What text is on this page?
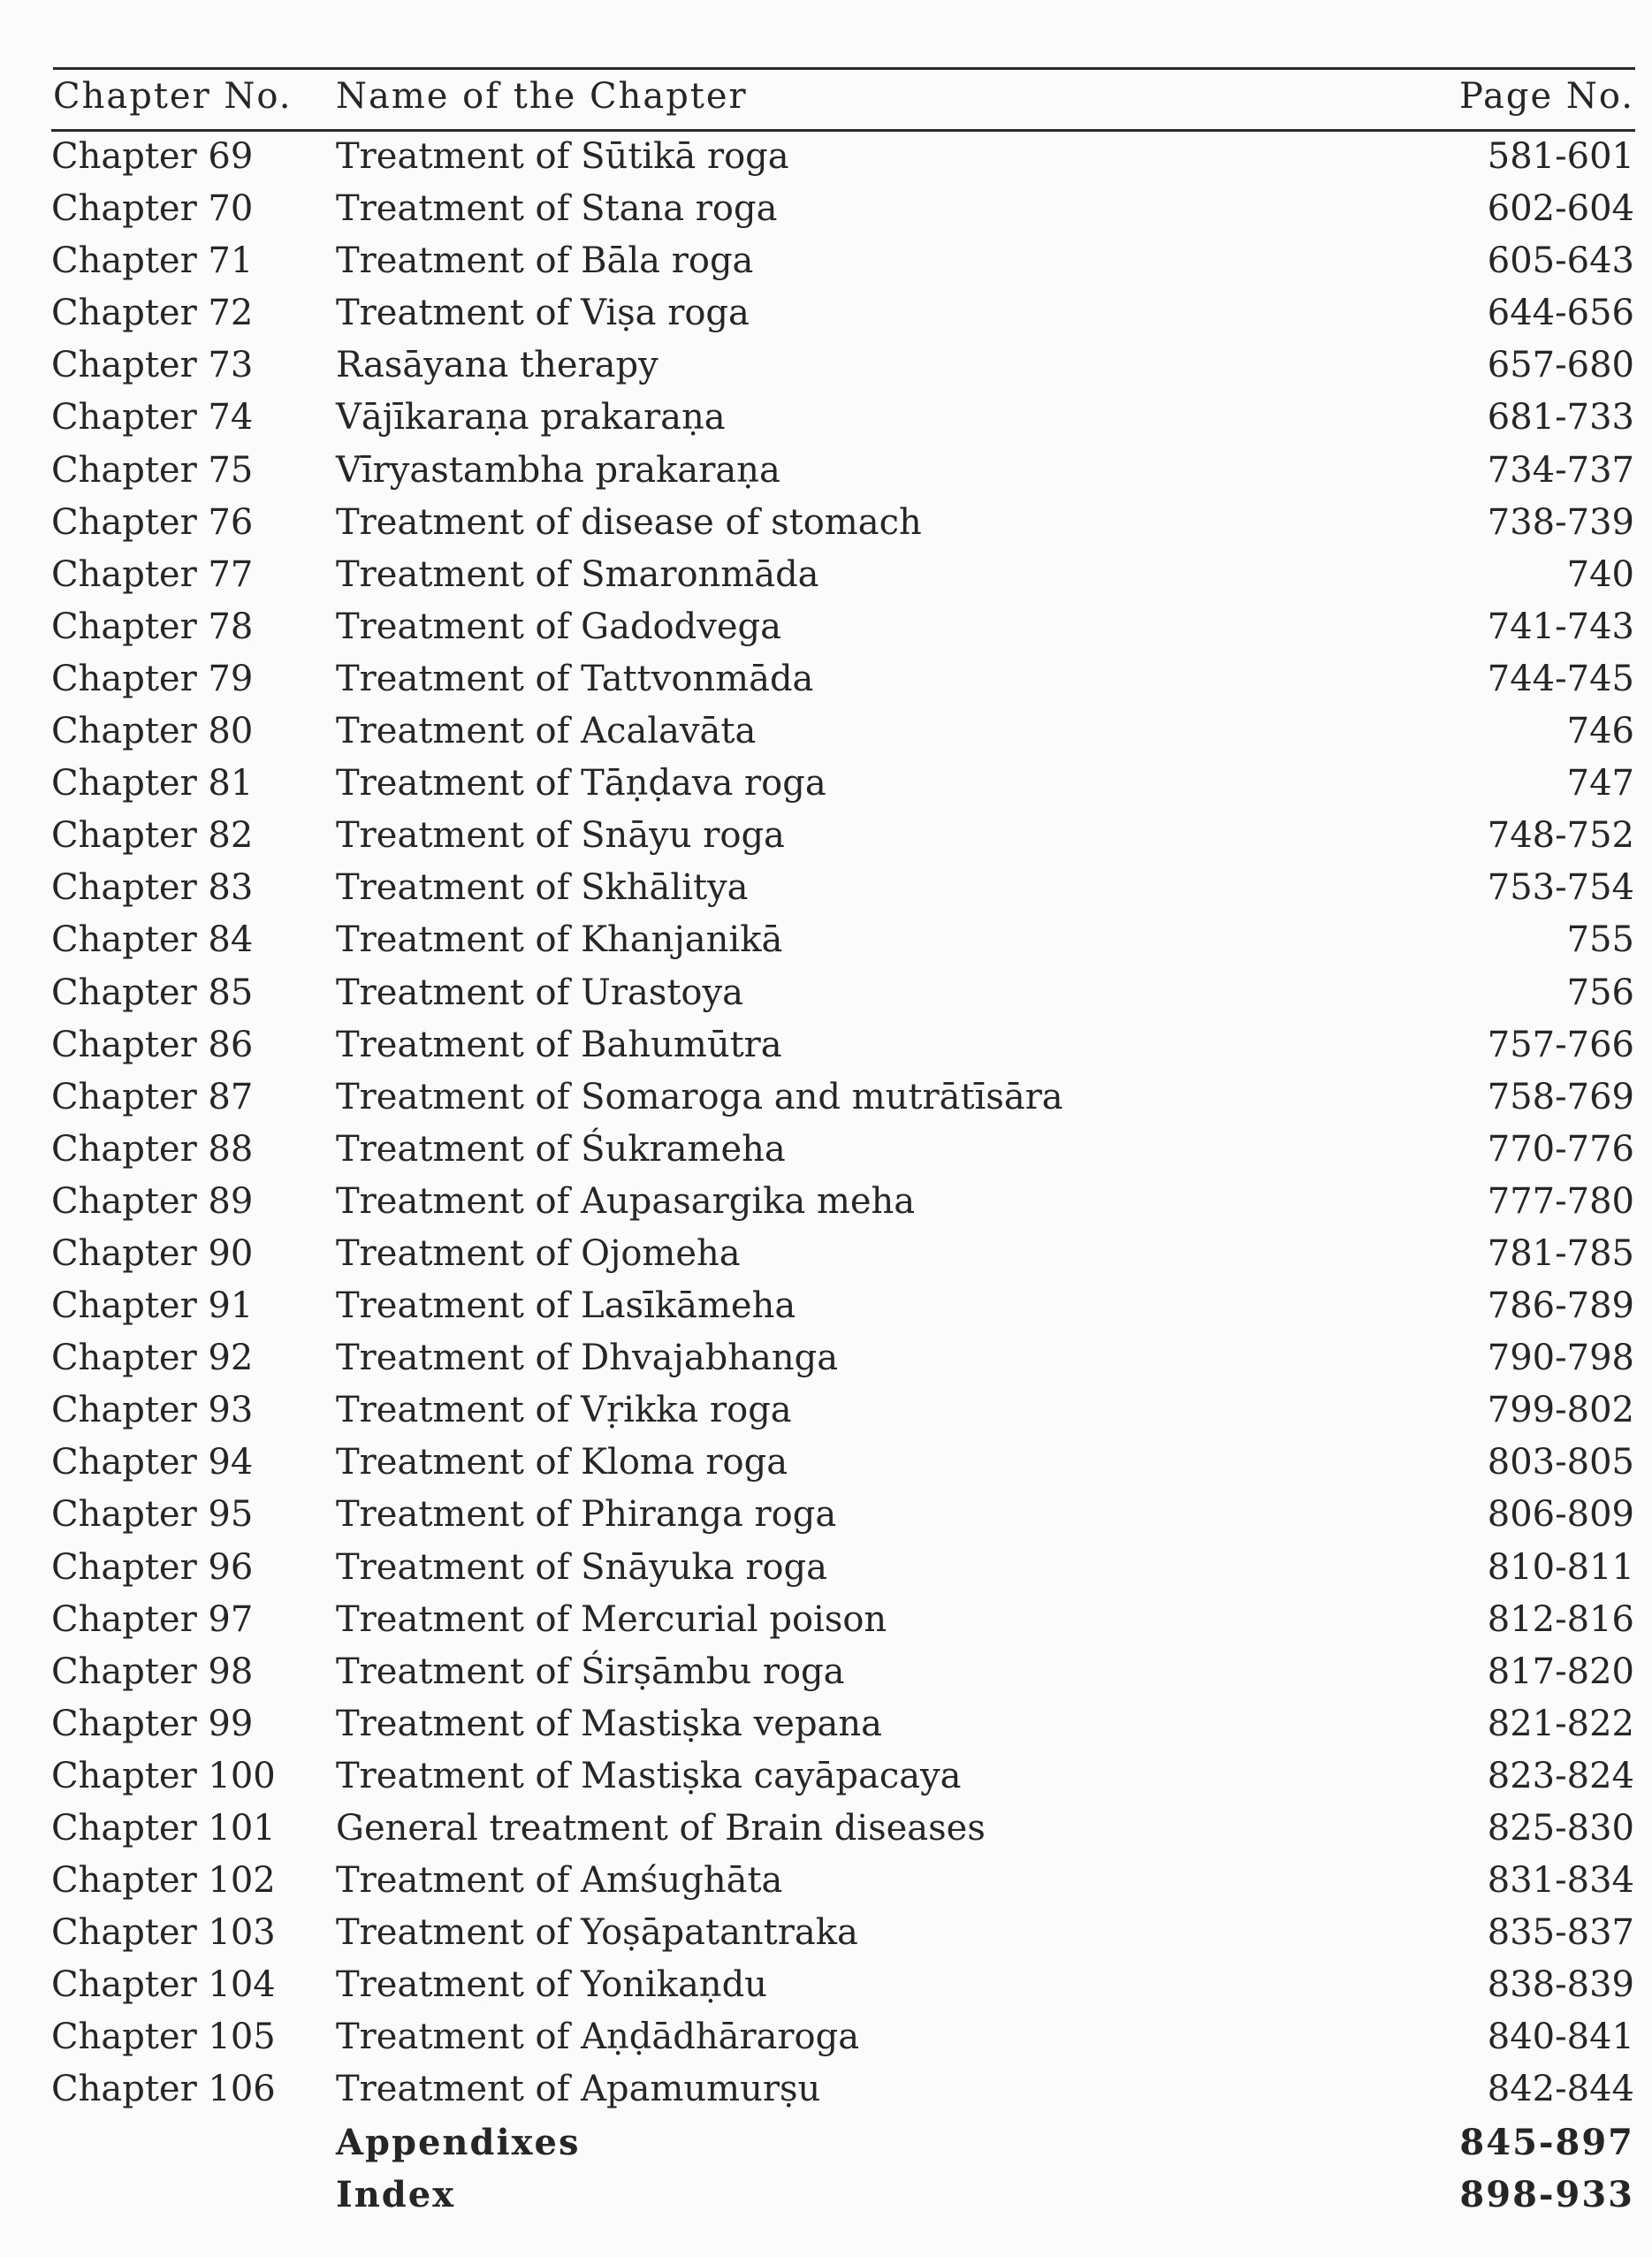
Chapter No. Name of the Chapter	Page No.
Chapter 69 Treatment of Sūtikā roga	581-601
Chapter 70 Treatment of Stana roga	602-604
Chapter 71 Treatment of Bāla roga	605-643
Chapter 72 Treatment of Viṣa roga	644-656
Chapter 73 Rasāyana therapy	657-680
Chapter 74 Vājīkaraṇa prakaraṇa	681-733
Chapter 75 Vīryastambha prakaraṇa	734-737
Chapter 76 Treatment of disease of stomach	738-739
Chapter 77 Treatment of Smaronmāda	740
Chapter 78 Treatment of Gadodvega	741-743
Chapter 79 Treatment of Tattvonmāda	744-745
Chapter 80 Treatment of Acalavāta	746
Chapter 81 Treatment of Tāṇḍava roga	747
Chapter 82 Treatment of Snāyu roga	748-752
Chapter 83 Treatment of Skhālitya	753-754
Chapter 84 Treatment of Khanjanikā	755
Chapter 85 Treatment of Urastoya	756
Chapter 86 Treatment of Bahumūtra	757-766
Chapter 87 Treatment of Somaroga and mutrātīsāra	758-769
Chapter 88 Treatment of Śukrameha	770-776
Chapter 89 Treatment of Aupasargika meha	777-780
Chapter 90 Treatment of Ojomeha	781-785
Chapter 91 Treatment of Lasīkāmeha	786-789
Chapter 92 Treatment of Dhvajabhanga	790-798
Chapter 93 Treatment of Vṛikka roga	799-802
Chapter 94 Treatment of Kloma roga	803-805
Chapter 95 Treatment of Phiranga roga	806-809
Chapter 96 Treatment of Snāyuka roga	810-811
Chapter 97 Treatment of Mercurial poison	812-816
Chapter 98 Treatment of Śirṣāmbu roga	817-820
Chapter 99 Treatment of Mastiṣka vepana	821-822
Chapter 100 Treatment of Mastiṣka cayāpacaya	823-824
Chapter 101 General treatment of Brain diseases	825-830
Chapter 102 Treatment of Amśughāta	831-834
Chapter 103 Treatment of Yoṣāpatantraka	835-837
Chapter 104 Treatment of Yonikaṇdu	838-839
Chapter 105 Treatment of Aṇḍādhāraroga	840-841
Chapter 106 Treatment of Apamumurṣu	842-844
Appendixes	845-897
Index	898-933
